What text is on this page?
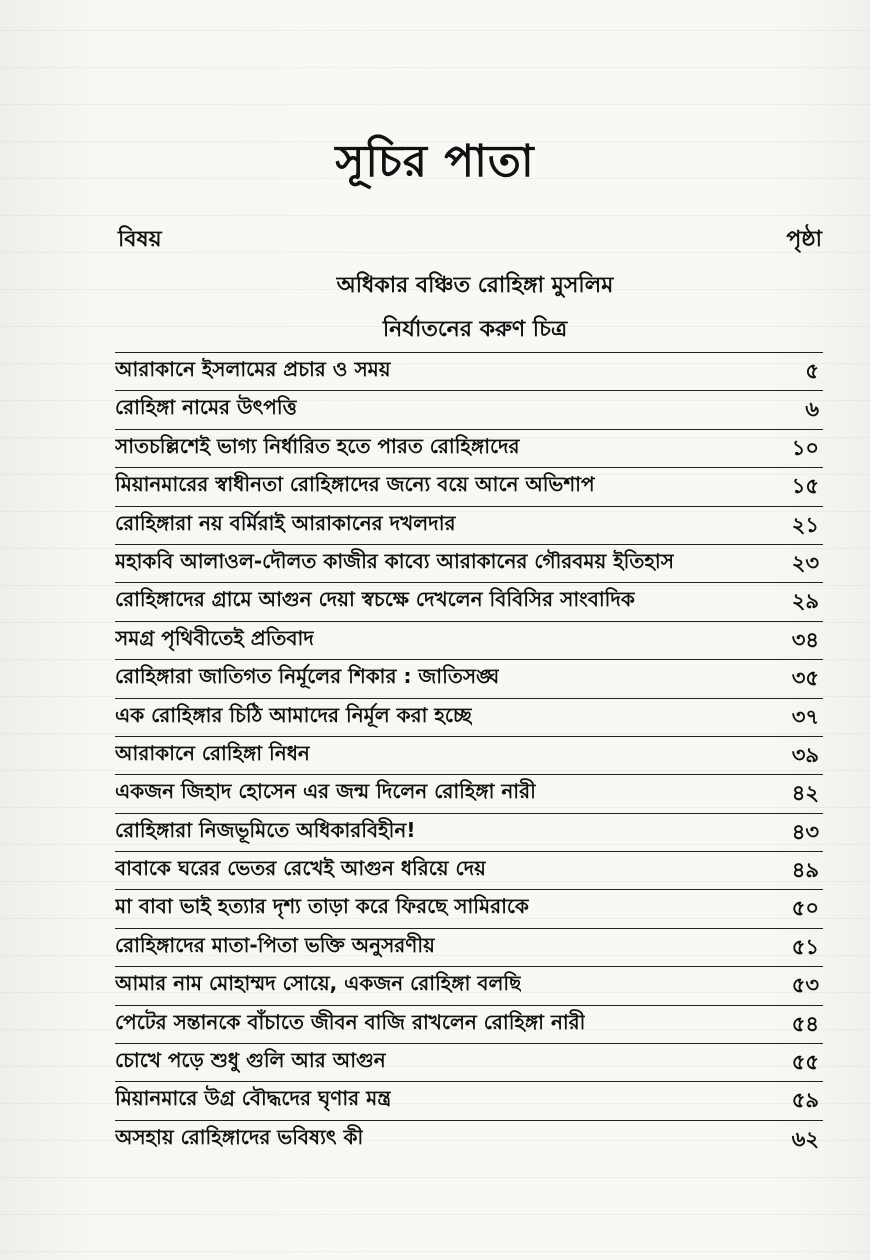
সূচির পাতা
বিষয়	পৃষ্ঠা
অধিকার বঞ্চিত রোহিঙ্গা মুসলিম
নির্যাতনের করুণ চিত্র
আরাকানে ইসলামের প্রচার ও সময়	৫
রোহিঙ্গা নামের উৎপত্তি	৬
সাতচল্লিশেই ভাগ্য নির্ধারিত হতে পারত রোহিঙ্গাদের	১০
মিয়ানমারের স্বাধীনতা রোহিঙ্গাদের জন্যে বয়ে আনে অভিশাপ	১৫
রোহিঙ্গারা নয় বর্মিরাই আরাকানের দখলদার	২১
মহাকবি আলাওল-দৌলত কাজীর কাব্যে আরাকানের গৌরবময় ইতিহাস	২৩
রোহিঙ্গাদের গ্রামে আগুন দেয়া স্বচক্ষে দেখলেন বিবিসির সাংবাদিক	২৯
সমগ্র পৃথিবীতেই প্রতিবাদ	৩৪
রোহিঙ্গারা জাতিগত নির্মূলের শিকার : জাতিসঙ্ঘ	৩৫
এক রোহিঙ্গার চিঠি আমাদের নির্মূল করা হচ্ছে	৩৭
আরাকানে রোহিঙ্গা নিধন	৩৯
একজন জিহাদ হোসেন এর জন্ম দিলেন রোহিঙ্গা নারী	৪২
রোহিঙ্গারা নিজভূমিতে অধিকারবিহীন!	৪৩
বাবাকে ঘরের ভেতর রেখেই আগুন ধরিয়ে দেয়	৪৯
মা বাবা ভাই হত্যার দৃশ্য তাড়া করে ফিরছে সামিরাকে	৫০
রোহিঙ্গাদের মাতা-পিতা ভক্তি অনুসরণীয়	৫১
আমার নাম মোহাম্মদ সোয়ে, একজন রোহিঙ্গা বলছি	৫৩
পেটের সন্তানকে বাঁচাতে জীবন বাজি রাখলেন রোহিঙ্গা নারী	৫৪
চোখে পড়ে শুধু গুলি আর আগুন	৫৫
মিয়ানমারে উগ্র বৌদ্ধদের ঘৃণার মন্ত্র	৫৯
অসহায় রোহিঙ্গাদের ভবিষ্যৎ কী	৬২
